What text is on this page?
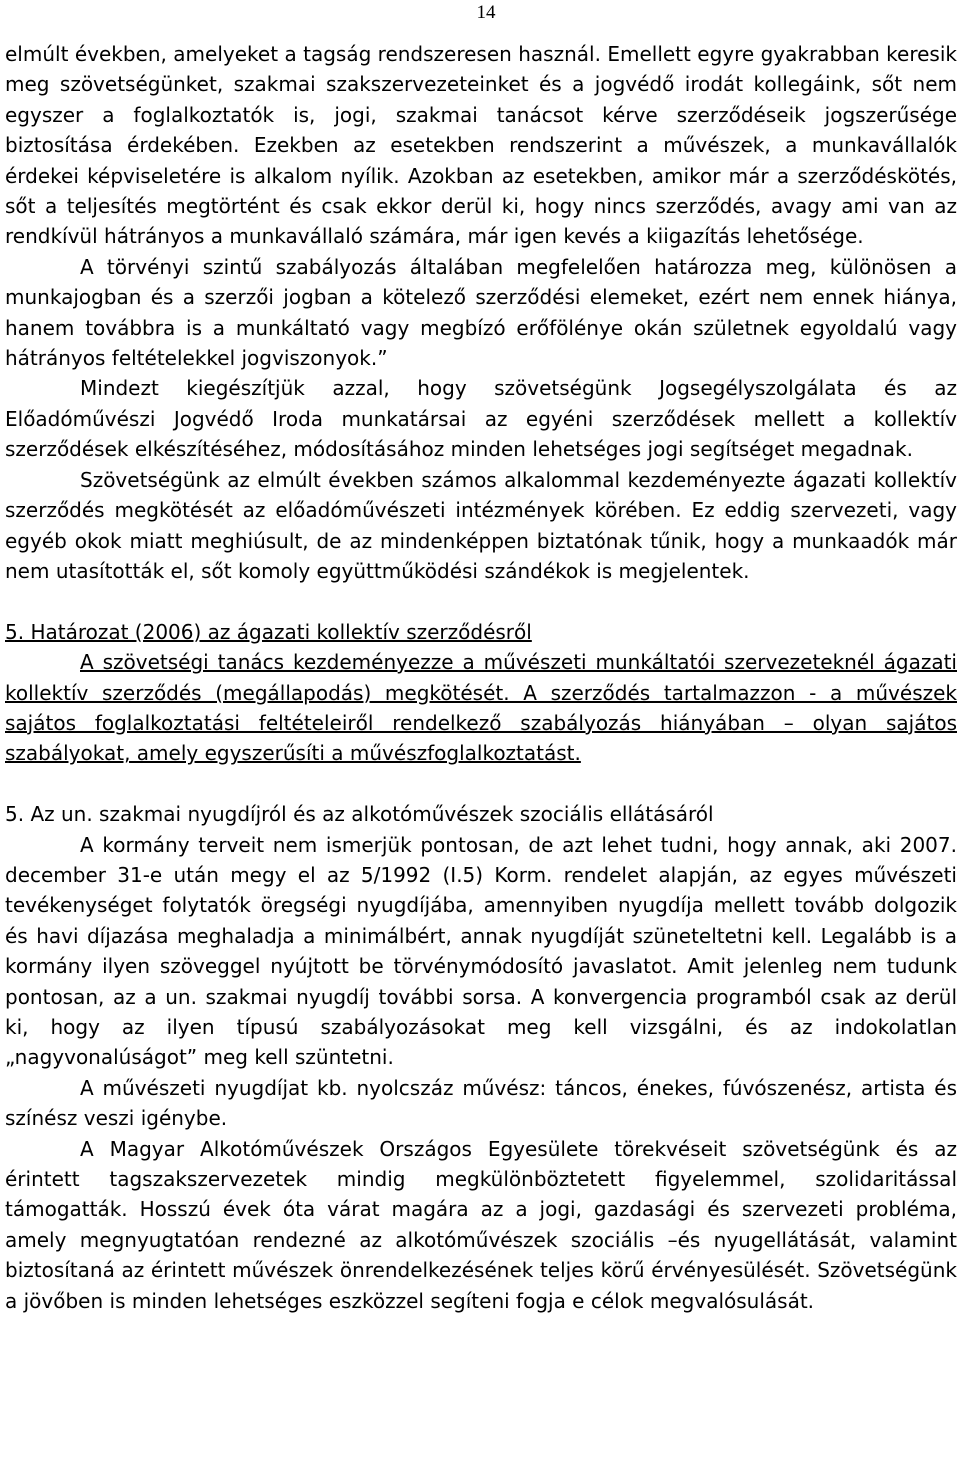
14

elmúlt években, amelyeket a tagság rendszeresen használ. Emellett egyre gyakrabban keresik meg szövetségünket, szakmai szakszervezeteinket és a jogvédő irodát kollegáink, sőt nem egyszer a foglalkoztatók is, jogi, szakmai tanácsot kérve szerződéseik jogszerűsége biztosítása érdekében. Ezekben az esetekben rendszerint a művészek, a munkavállalók érdekei képviseletére is alkalom nyílik. Azokban az esetekben, amikor már a szerződéskötés, sőt a teljesítés megtörtént és csak ekkor derül ki, hogy nincs szerződés, avagy ami van az rendkívül hátrányos a munkavállaló számára, már igen kevés a kiigazítás lehetősége.

A törvényi szintű szabályozás általában megfelelően határozza meg, különösen a munkajogban és a szerzői jogban a kötelező szerződési elemeket, ezért nem ennek hiánya, hanem továbbra is a munkáltató vagy megbízó erőfölénye okán születnek egyoldalú vagy hátrányos feltételekkel jogviszonyok.”

Mindezt kiegészítjük azzal, hogy szövetségünk Jogsegélyszolgálata és az Előadóművészi Jogvédő Iroda munkatársai az egyéni szerződések mellett a kollektív szerződések elkészítéséhez, módosításához minden lehetséges jogi segítséget megadnak.

Szövetségünk az elmúlt években számos alkalommal kezdeményezte ágazati kollektív szerződés megkötését az előadóművészeti intézmények körében. Ez eddig szervezeti, vagy egyéb okok miatt meghiúsult, de az mindenképpen biztatónak tűnik, hogy a munkaadók már nem utasították el, sőt komoly együttműködési szándékok is megjelentek.

5. Határozat (2006) az ágazati kollektív szerződésről

A szövetségi tanács kezdeményezze a művészeti munkáltatói szervezeteknél ágazati kollektív szerződés (megállapodás) megkötését. A szerződés tartalmazzon - a művészek sajátos foglalkoztatási feltételeiről rendelkező szabályozás hiányában – olyan sajátos szabályokat, amely egyszerűsíti a művészfoglalkoztatást.

5. Az un. szakmai nyugdíjról és az alkotóművészek szociális ellátásáról

A kormány terveit nem ismerjük pontosan, de azt lehet tudni, hogy annak, aki 2007. december 31-e után megy el az 5/1992 (I.5) Korm. rendelet alapján, az egyes művészeti tevékenységet folytatók öregségi nyugdíjába, amennyiben nyugdíja mellett tovább dolgozik és havi díjazása meghaladja a minimálbért, annak nyugdíját szüneteltetni kell. Legalább is a kormány ilyen szöveggel nyújtott be törvénymódosító javaslatot. Amit jelenleg nem tudunk pontosan, az a un. szakmai nyugdíj további sorsa. A konvergencia programból csak az derül ki, hogy az ilyen típusú szabályozásokat meg kell vizsgálni, és az indokolatlan „nagyvonalúságot” meg kell szüntetni.

A művészeti nyugdíjat kb. nyolcszáz művész: táncos, énekes, fúvószenész, artista és színész veszi igénybe.

A Magyar Alkotóművészek Országos Egyesülete törekvéseit szövetségünk és az érintett tagszakszervezetek mindig megkülönböztetett figyelemmel, szolidaritással támogatták. Hosszú évek óta várat magára az a jogi, gazdasági és szervezeti probléma, amely megnyugtatóan rendezné az alkotóművészek szociális –és nyugellátását, valamint biztosítaná az érintett művészek önrendelkezésének teljes körű érvényesülését. Szövetségünk a jövőben is minden lehetséges eszközzel segíteni fogja e célok megvalósulását.
